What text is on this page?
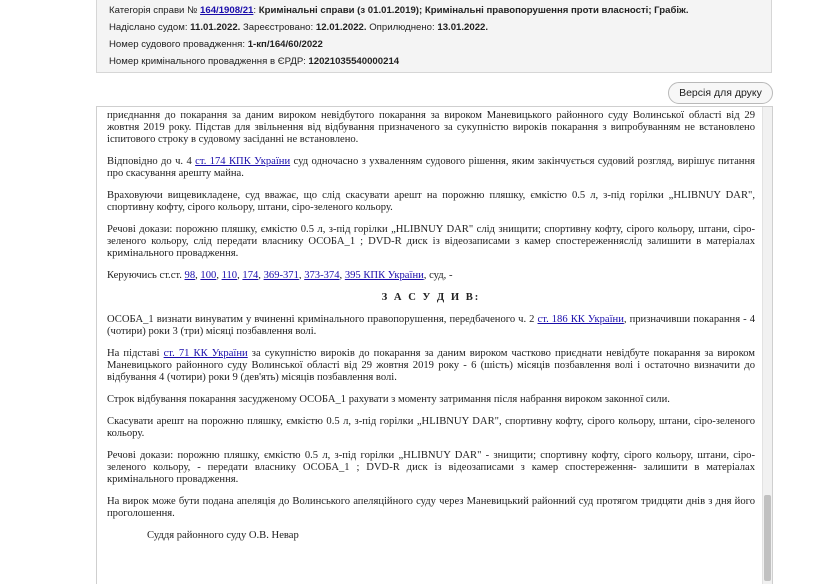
Категорія справи № 164/1908/21: Кримінальні справи (з 01.01.2019); Кримінальні правопорушення проти власності; Грабіж.
Надіслано судом: 11.01.2022. Зареєстровано: 12.01.2022. Оприлюднено: 13.01.2022.
Номер судового провадження: 1-кп/164/60/2022
Номер кримінального провадження в ЄРДР: 12021035540000214
Версія для друку

приєднання до покарання за даним вироком невідбутого покарання за вироком Маневицького районного суду Волинської області від 29 жовтня 2019 року. Підстав для звільнення від відбування призначеного за сукупністю вироків покарання з випробуванням не встановлено іспитового строку в судовому засіданні не встановлено.

Відповідно до ч. 4 ст. 174 КПК України суд одночасно з ухваленням судового рішення, яким закінчується судовий розгляд, вирішує питання про скасування арешту майна.

Враховуючи вищевикладене, суд вважає, що слід скасувати арешт на порожню пляшку, ємкістю 0.5 л, з-під горілки „HLIBNUY DAR", спортивну кофту, сірого кольору, штани, сіро-зеленого кольору.

Речові докази: порожню пляшку, ємкістю 0.5 л, з-під горілки „HLIBNUY DAR" слід знищити; спортивну кофту, сірого кольору, штани, сіро-зеленого кольору, слід передати власнику ОСОБА_1 ; DVD-R диск із відеозаписами з камер спостереженняслід залишити в матеріалах кримінального провадження.

Керуючись ст.ст. 98, 100, 110, 174, 369-371, 373-374, 395 КПК України, суд, -

З А С У Д И В:

ОСОБА_1 визнати винуватим у вчиненні кримінального правопорушення, передбаченого ч. 2 ст. 186 КК України, призначивши покарання - 4 (чотири) роки 3 (три) місяці позбавлення волі.

На підставі ст. 71 КК України за сукупністю вироків до покарання за даним вироком частково приєднати невідбуте покарання за вироком Маневицького районного суду Волинської області від 29 жовтня 2019 року - 6 (шість) місяців позбавлення волі і остаточно визначити до відбування 4 (чотири) роки 9 (дев'ять) місяців позбавлення волі.

Строк відбування покарання засудженому ОСОБА_1 рахувати з моменту затримання після набрання вироком законної сили.

Скасувати арешт на порожню пляшку, ємкістю 0.5 л, з-під горілки „HLIBNUY DAR", спортивну кофту, сірого кольору, штани, сіро-зеленого кольору.

Речові докази: порожню пляшку, ємкістю 0.5 л, з-під горілки „HLIBNUY DAR" - знищити; спортивну кофту, сірого кольору, штани, сіро-зеленого кольору, - передати власнику ОСОБА_1 ; DVD-R диск із відеозаписами з камер спостереження- залишити в матеріалах кримінального провадження.

На вирок може бути подана апеляція до Волинського апеляційного суду через Маневицький районний суд протягом тридцяти днів з дня його проголошення.

Суддя районного суду О.В. Невар
